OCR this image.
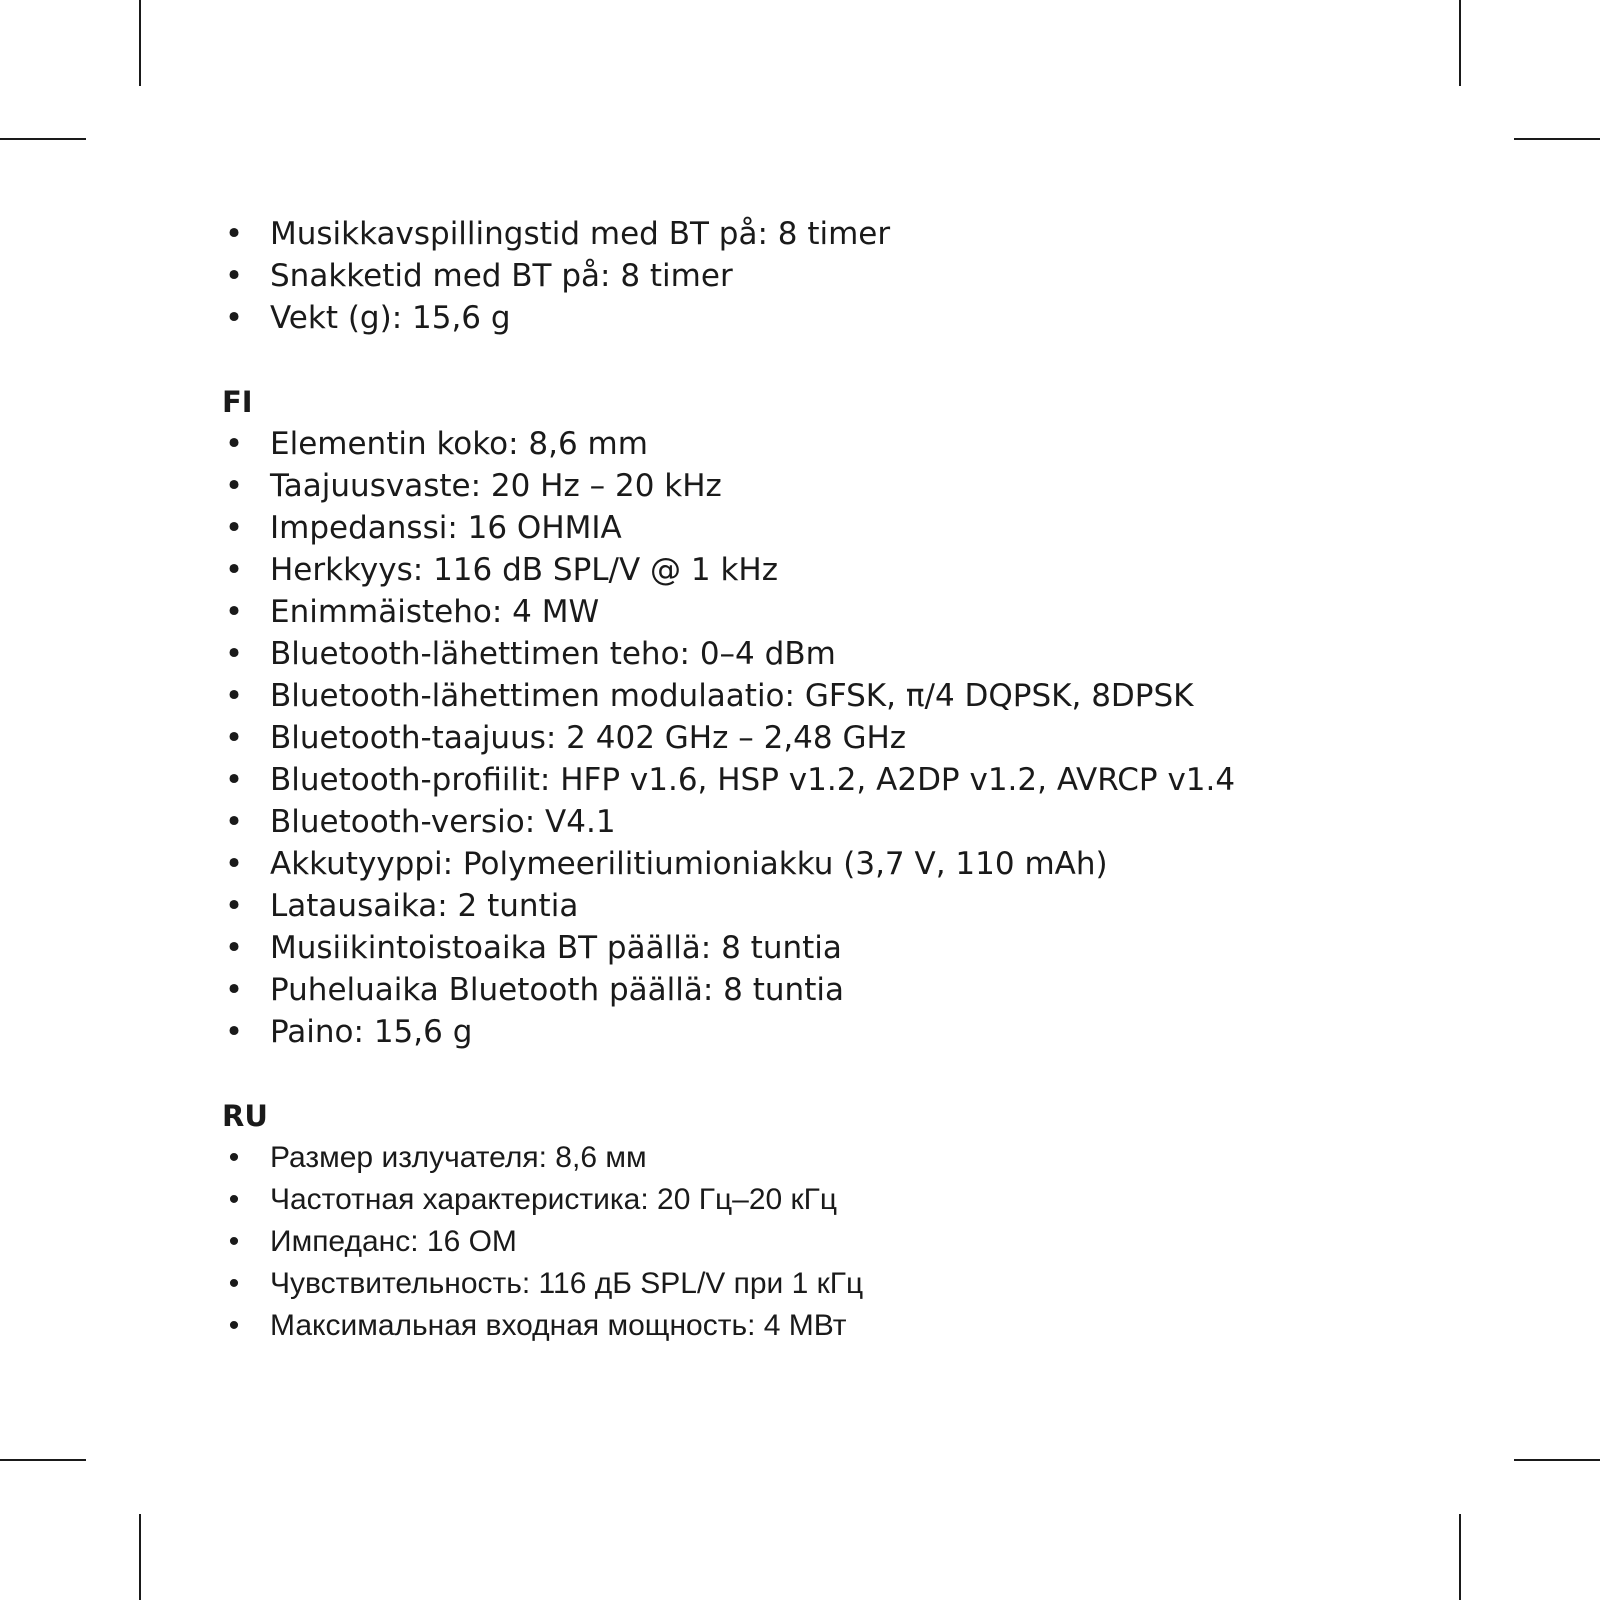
• Musikkavspillingstid med BT på: 8 timer
• Snakketid med BT på: 8 timer
• Vekt (g): 15,6 g
FI
• Elementin koko: 8,6 mm
• Taajuusvaste: 20 Hz – 20 kHz
• Impedanssi: 16 OHMIA
• Herkkyys: 116 dB SPL/V @ 1 kHz
• Enimmäisteho: 4 MW
• Bluetooth-lähettimen teho: 0–4 dBm
• Bluetooth-lähettimen modulaatio: GFSK, π/4 DQPSK, 8DPSK
• Bluetooth-taajuus: 2 402 GHz – 2,48 GHz
• Bluetooth-profiilit: HFP v1.6, HSP v1.2, A2DP v1.2, AVRCP v1.4
• Bluetooth-versio: V4.1
• Akkutyyppi: Polymeerilitiumioniakku (3,7 V, 110 mAh)
• Latausaika: 2 tuntia
• Musiikintoistoaika BT päällä: 8 tuntia
• Puheluaika Bluetooth päällä: 8 tuntia
• Paino: 15,6 g
RU
• Размер излучателя: 8,6 мм
• Частотная характеристика: 20 Гц–20 кГц
• Импеданс: 16 ОМ
• Чувствительность: 116 дБ SPL/V при 1 кГц
• Максимальная входная мощность: 4 МВт
